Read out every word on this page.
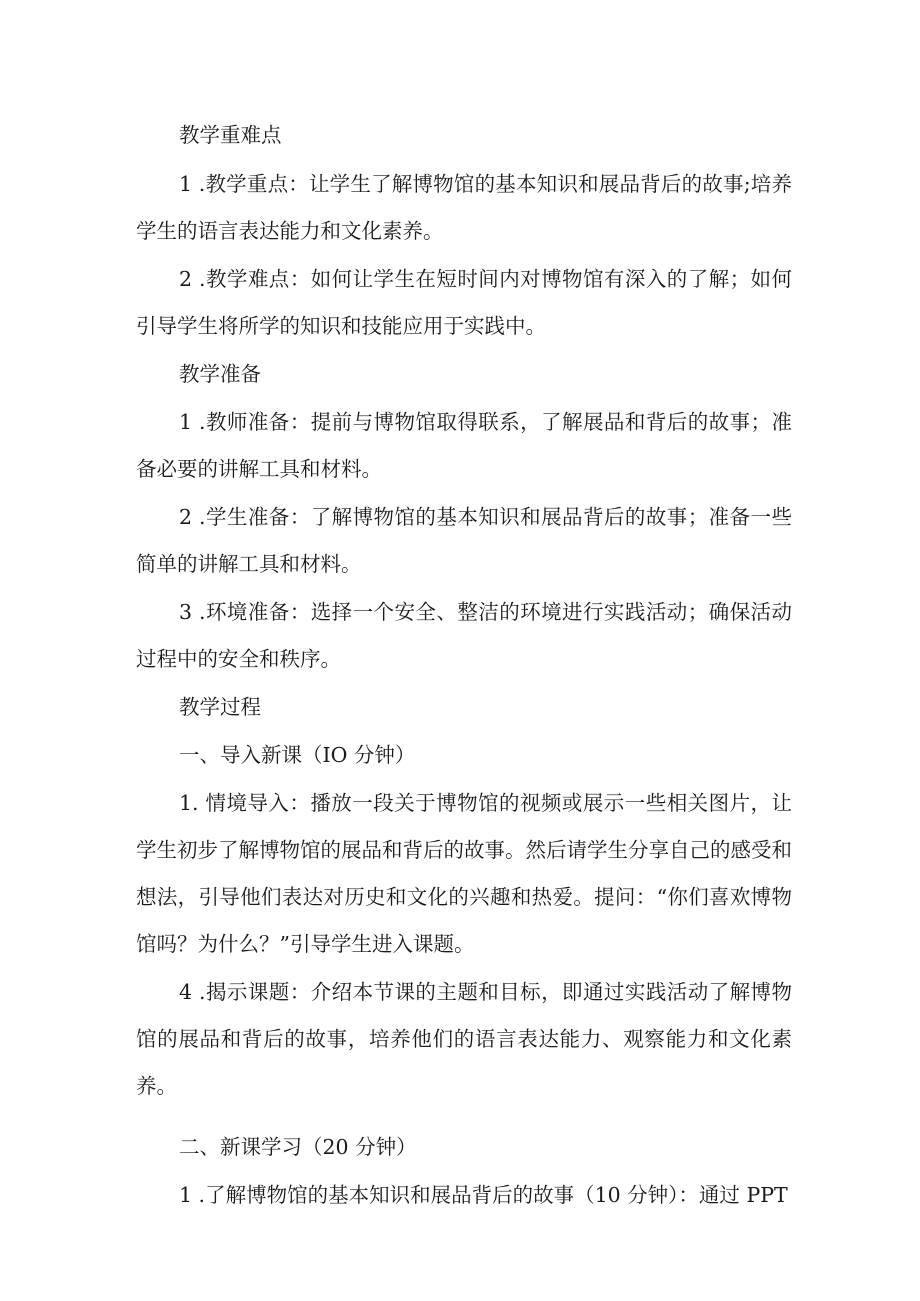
教学重难点

1 .教学重点：让学生了解博物馆的基本知识和展品背后的故事;培养学生的语言表达能力和文化素养。

2 .教学难点：如何让学生在短时间内对博物馆有深入的了解；如何引导学生将所学的知识和技能应用于实践中。

教学准备

1 .教师准备：提前与博物馆取得联系，了解展品和背后的故事；准备必要的讲解工具和材料。

2 .学生准备：了解博物馆的基本知识和展品背后的故事；准备一些简单的讲解工具和材料。

3 .环境准备：选择一个安全、整洁的环境进行实践活动；确保活动过程中的安全和秩序。

教学过程

一、导入新课（IO 分钟）

1. 情境导入：播放一段关于博物馆的视频或展示一些相关图片，让学生初步了解博物馆的展品和背后的故事。然后请学生分享自己的感受和想法，引导他们表达对历史和文化的兴趣和热爱。提问：“你们喜欢博物馆吗？为什么？”引导学生进入课题。

4 .揭示课题：介绍本节课的主题和目标，即通过实践活动了解博物馆的展品和背后的故事，培养他们的语言表达能力、观察能力和文化素养。

二、新课学习（20 分钟）

1 .了解博物馆的基本知识和展品背后的故事（10 分钟）：通过 PPT
